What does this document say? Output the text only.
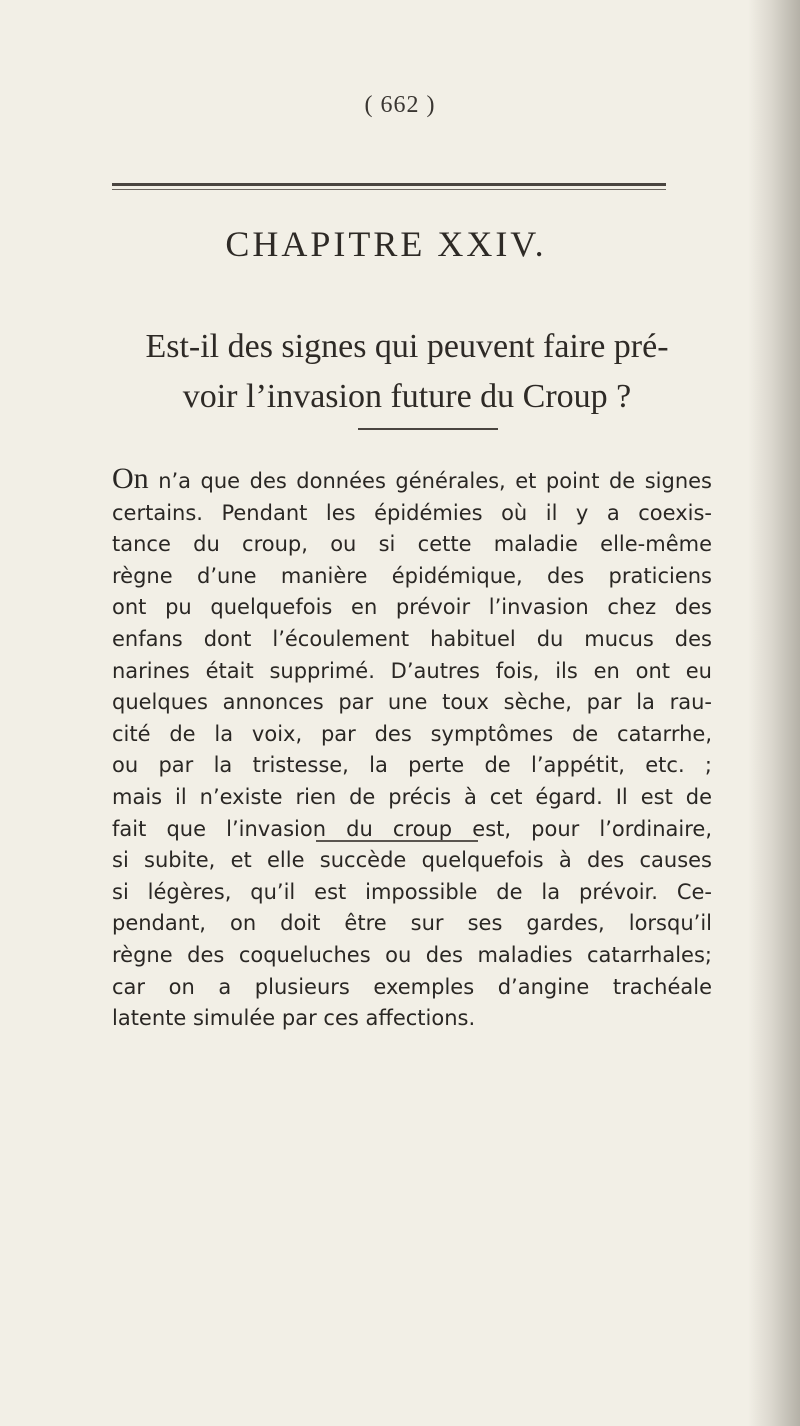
( 662 )
CHAPITRE XXIV.
Est-il des signes qui peuvent faire pré-
voir l’invasion future du Croup ?
On n’a que des données générales, et point de signes
certains. Pendant les épidémies où il y a coexis-
tance du croup, ou si cette maladie elle-même
règne d’une manière épidémique, des praticiens
ont pu quelquefois en prévoir l’invasion chez des
enfans dont l’écoulement habituel du mucus des
narines était supprimé. D’autres fois, ils en ont eu
quelques annonces par une toux sèche, par la rau-
cité de la voix, par des symptômes de catarrhe,
ou par la tristesse, la perte de l’appétit, etc. ;
mais il n’existe rien de précis à cet égard. Il est de
fait que l’invasion du croup est, pour l’ordinaire,
si subite, et elle succède quelquefois à des causes
si légères, qu’il est impossible de la prévoir. Ce-
pendant, on doit être sur ses gardes, lorsqu’il
règne des coqueluches ou des maladies catarrhales;
car on a plusieurs exemples d’angine trachéale
latente simulée par ces affections.
